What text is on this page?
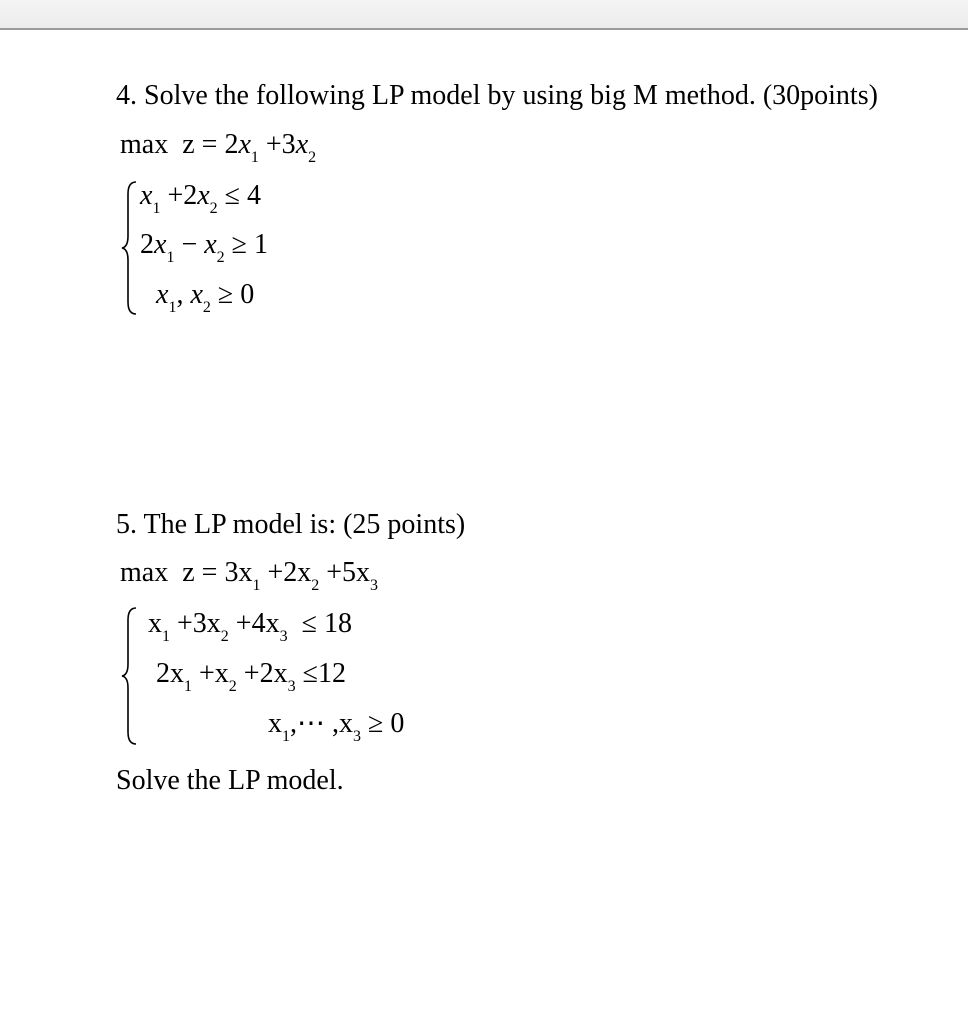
4. Solve the following LP model by using big M method. (30points)
$\max z = 2x_1 +3x_2$
$x_1 +2x_2 \le 4$
$2x_1 - x_2 \ge 1$
$x_1$, $x_2 \ge 0$
5. The LP model is: (25 points)
$\max z = 3x_1 +2x_2 +5x_3$
$x_1 +3x_2 +4x_3 \le 18$
$2x_1 +x_2 +2x_3 \le 12$
$x_1,\cdots$ $,x_3 \ge 0$
Solve the LP model.
